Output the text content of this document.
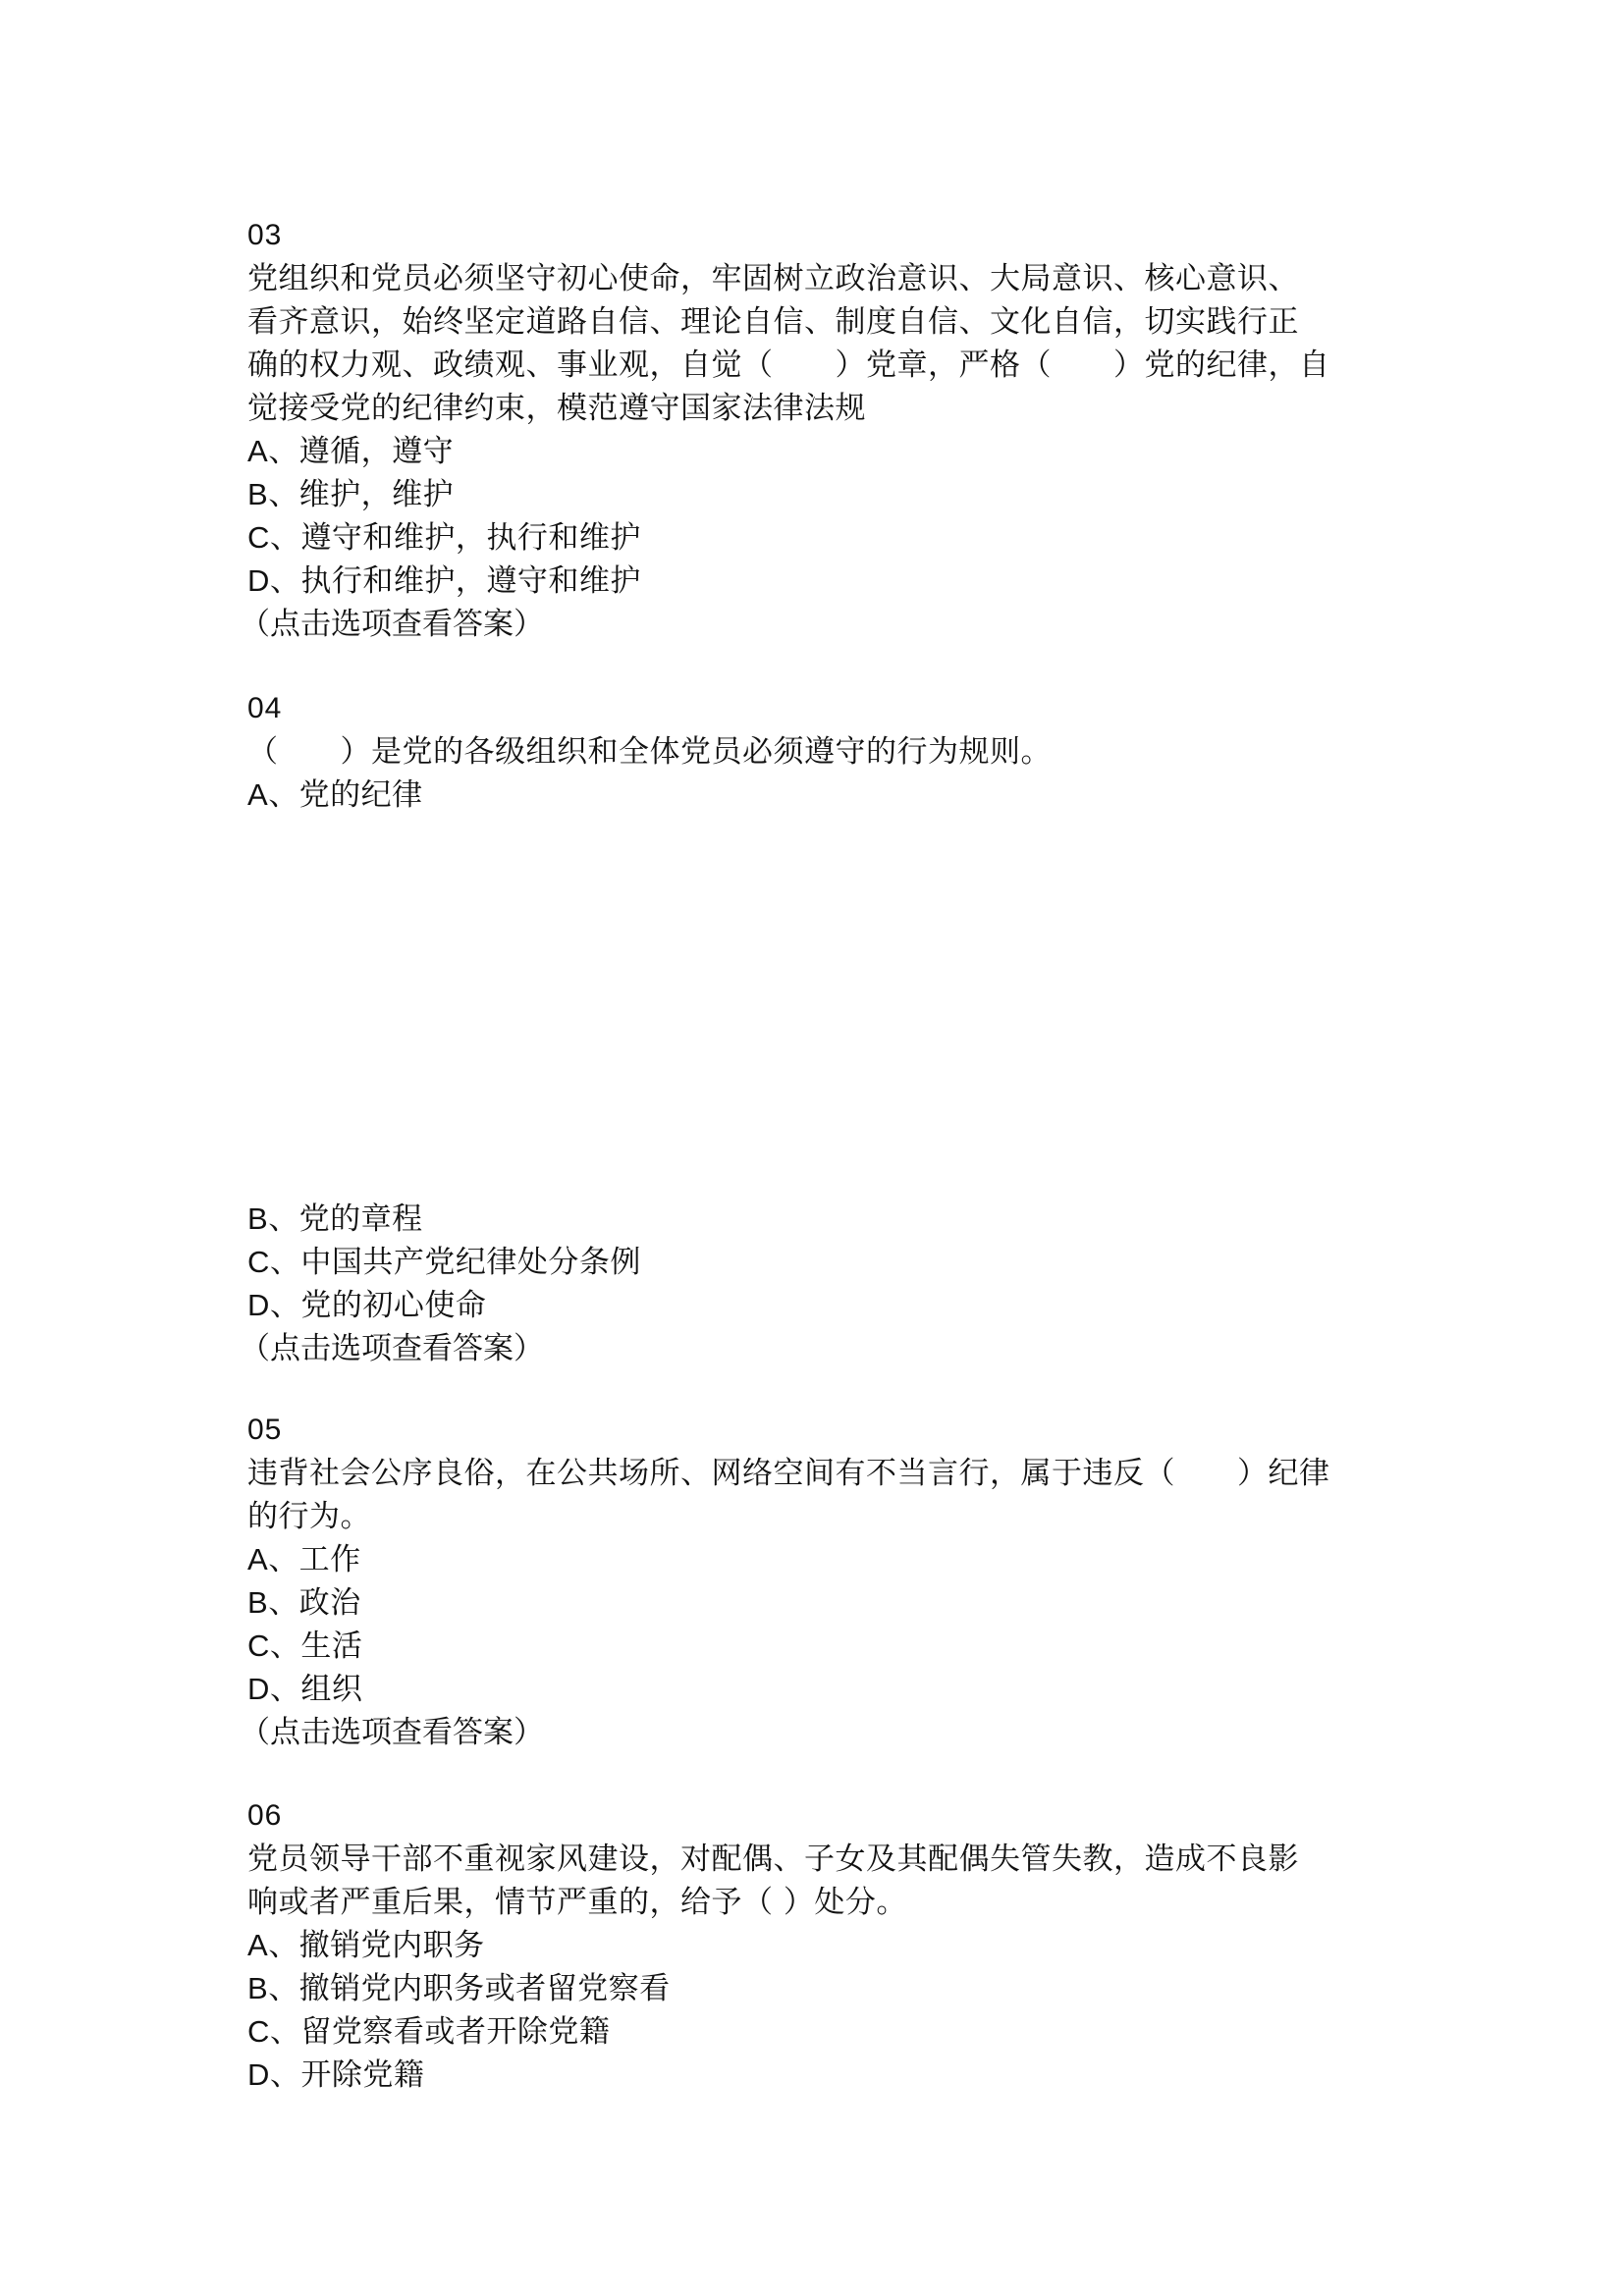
03
党组织和党员必须坚守初心使命，牢固树立政治意识、大局意识、核心意识、
看齐意识，始终坚定道路自信、理论自信、制度自信、文化自信，切实践行正
确的权力观、政绩观、事业观，自觉（　　）党章，严格（　　）党的纪律，自
觉接受党的纪律约束，模范遵守国家法律法规
A、遵循，遵守
B、维护，维护
C、遵守和维护，执行和维护
D、执行和维护，遵守和维护
（点击选项查看答案）
04
（　　）是党的各级组织和全体党员必须遵守的行为规则。
A、党的纪律
B、党的章程
C、中国共产党纪律处分条例
D、党的初心使命
（点击选项查看答案）
05
违背社会公序良俗，在公共场所、网络空间有不当言行，属于违反（　　）纪律
的行为。
A、工作
B、政治
C、生活
D、组织
（点击选项查看答案）
06
党员领导干部不重视家风建设，对配偶、子女及其配偶失管失教，造成不良影
响或者严重后果，情节严重的，给予（ ）处分。
A、撤销党内职务
B、撤销党内职务或者留党察看
C、留党察看或者开除党籍
D、开除党籍
